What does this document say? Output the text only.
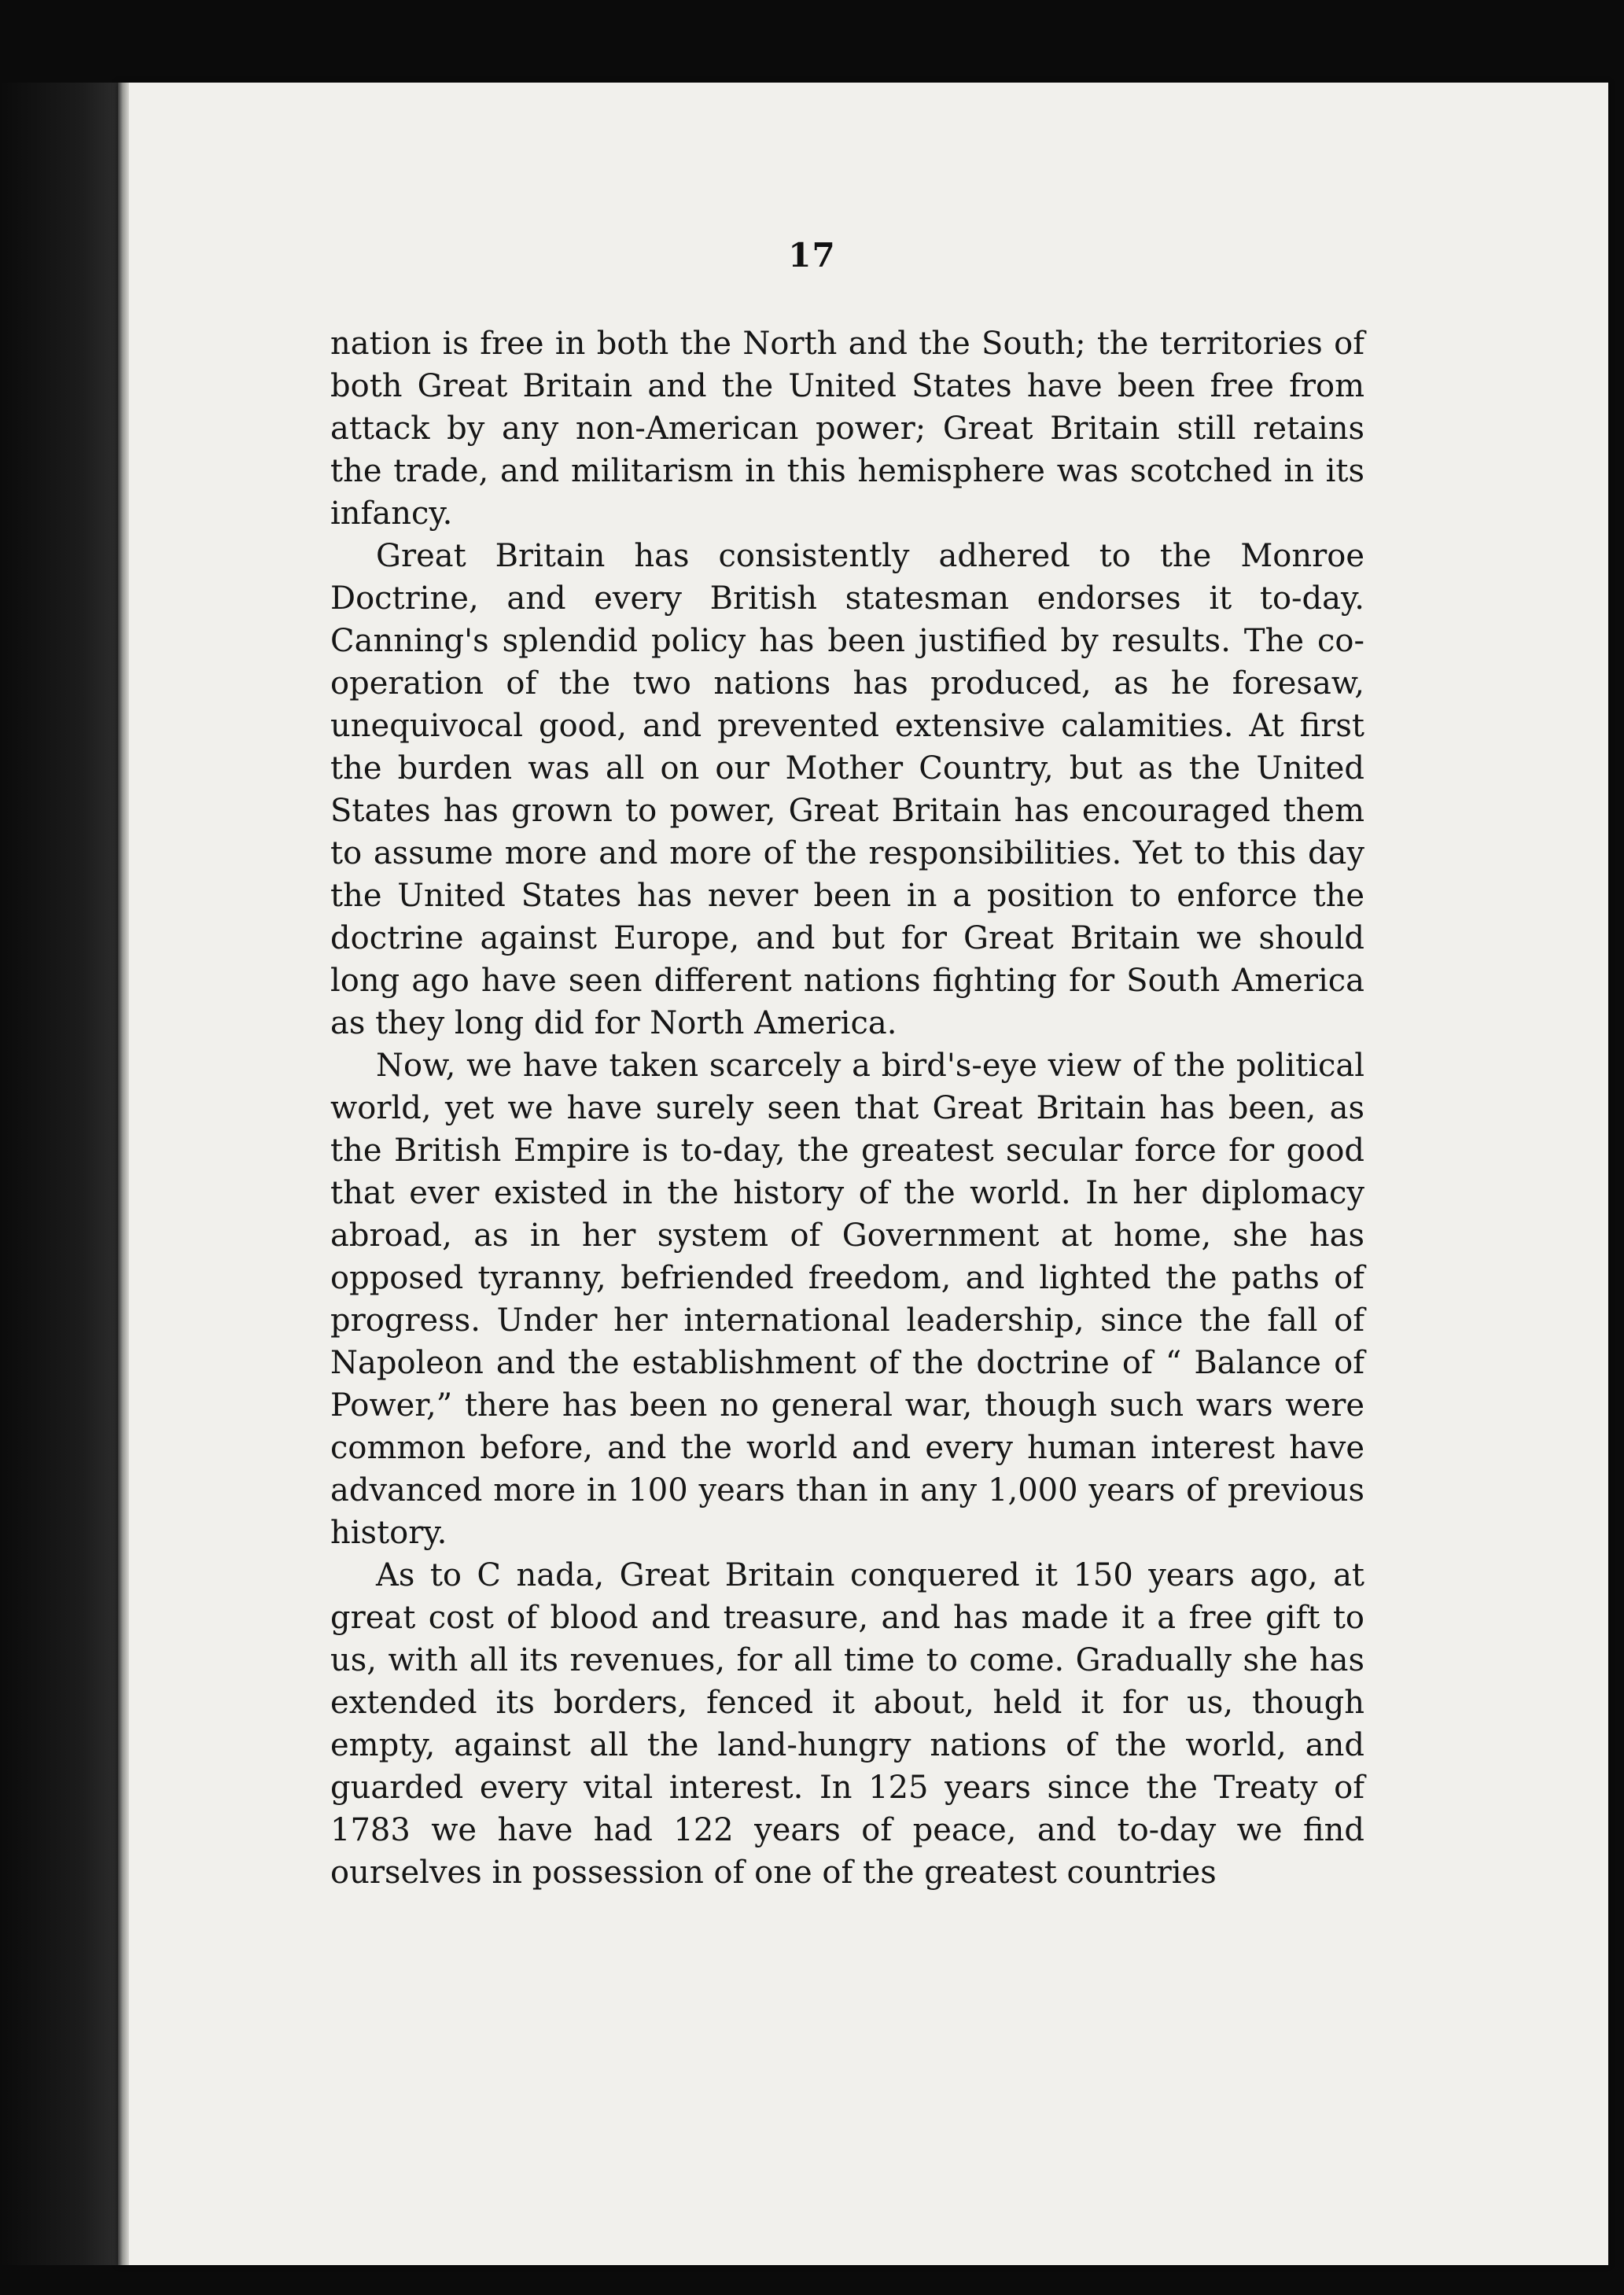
17

nation is free in both the North and the South; the territories of both Great Britain and the United States have been free from attack by any non-American power; Great Britain still retains the trade, and militarism in this hemisphere was scotched in its infancy.

Great Britain has consistently adhered to the Monroe Doctrine, and every British statesman endorses it to-day. Canning's splendid policy has been justified by results. The co-operation of the two nations has produced, as he foresaw, unequivocal good, and prevented extensive calamities. At first the burden was all on our Mother Country, but as the United States has grown to power, Great Britain has encouraged them to assume more and more of the responsibilities. Yet to this day the United States has never been in a position to enforce the doctrine against Europe, and but for Great Britain we should long ago have seen different nations fighting for South America as they long did for North America.

Now, we have taken scarcely a bird's-eye view of the political world, yet we have surely seen that Great Britain has been, as the British Empire is to-day, the greatest secular force for good that ever existed in the history of the world. In her diplomacy abroad, as in her system of Government at home, she has opposed tyranny, befriended freedom, and lighted the paths of progress. Under her international leadership, since the fall of Napoleon and the establishment of the doctrine of “ Balance of Power,” there has been no general war, though such wars were common before, and the world and every human interest have advanced more in 100 years than in any 1,000 years of previous history.

As to C nada, Great Britain conquered it 150 years ago, at great cost of blood and treasure, and has made it a free gift to us, with all its revenues, for all time to come. Gradually she has extended its borders, fenced it about, held it for us, though empty, against all the land-hungry nations of the world, and guarded every vital interest. In 125 years since the Treaty of 1783 we have had 122 years of peace, and to-day we find ourselves in possession of one of the greatest countries
